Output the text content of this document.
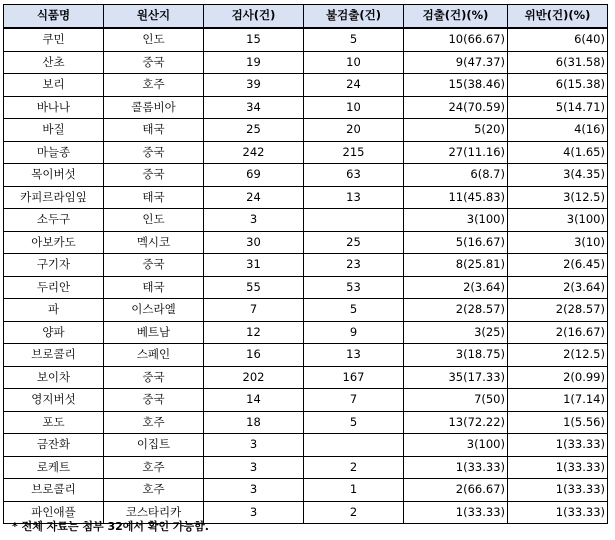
식품명	원산지	검사(건)	불검출(건)	검출(건)(%)	위반(건)(%)
쿠민	인도	15	5	10(66.67)	6(40)
산초	중국	19	10	9(47.37)	6(31.58)
보리	호주	39	24	15(38.46)	6(15.38)
바나나	콜롬비아	34	10	24(70.59)	5(14.71)
바질	태국	25	20	5(20)	4(16)
마늘종	중국	242	215	27(11.16)	4(1.65)
목이버섯	중국	69	63	6(8.7)	3(4.35)
카피르라임잎	태국	24	13	11(45.83)	3(12.5)
소두구	인도	3		3(100)	3(100)
아보카도	멕시코	30	25	5(16.67)	3(10)
구기자	중국	31	23	8(25.81)	2(6.45)
두리안	태국	55	53	2(3.64)	2(3.64)
파	이스라엘	7	5	2(28.57)	2(28.57)
양파	베트남	12	9	3(25)	2(16.67)
브로콜리	스페인	16	13	3(18.75)	2(12.5)
보이차	중국	202	167	35(17.33)	2(0.99)
영지버섯	중국	14	7	7(50)	1(7.14)
포도	호주	18	5	13(72.22)	1(5.56)
금잔화	이집트	3		3(100)	1(33.33)
로케트	호주	3	2	1(33.33)	1(33.33)
브로콜리	호주	3	1	2(66.67)	1(33.33)
파인애플	코스타리카	3	2	1(33.33)	1(33.33)
* 전체 자료는 첨부 32에서 확인 가능함.
